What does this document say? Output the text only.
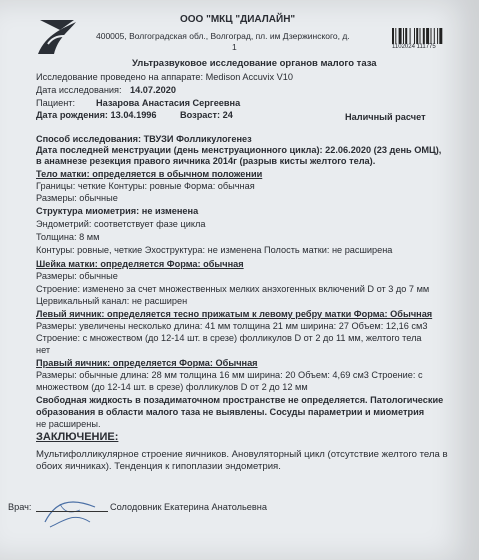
ООО "МКЦ "ДИАЛАЙН"
400005, Волгоградская обл., Волгоград, пл. им Дзержинского, д.
1	1102024 111775
Ультразвуковое исследование органов малого таза
Исследование проведено на аппарате: Medison Accuvix V10
Дата исследования: 14.07.2020
Пациент: Назарова Анастасия Сергеевна
Дата рождения: 13.04.1996	Возраст: 24	Наличный расчет
Способ исследования: ТВУЗИ Фолликулогенез
Дата последней менструации (день менструационного цикла): 22.06.2020 (23 день ОМЦ),
в анамнезе резекция правого яичника 2014г (разрыв кисты желтого тела).
Тело матки: определяется в обычном положении
Границы: четкие Контуры: ровные Форма: обычная
Размеры: обычные
Структура миометрия: не изменена
Эндометрий: соответствует фазе цикла
Толщина: 8 мм
Контуры: ровные, четкие Эхоструктура: не изменена Полость матки: не расширена
Шейка матки: определяется Форма: обычная
Размеры: обычные
Строение: изменено за счет множественных мелких анэхогенных включений D от 3 до 7 мм
Цервикальный канал: не расширен
Левый яичник: определяется тесно прижатым к левому ребру матки Форма: Обычная
Размеры: увеличены несколько длина: 41 мм толщина 21 мм ширина: 27 Объем: 12,16 см3
Строение: с множеством (до 12-14 шт. в срезе) фолликулов D от 2 до 11 мм, желтого тела
нет
Правый яичник: определяется Форма: Обычная
Размеры: обычные длина: 28 мм толщина 16 мм ширина: 20 Объем: 4,69 см3 Строение: с
множеством (до 12-14 шт. в срезе) фолликулов D от 2 до 12 мм
Свободная жидкость в позадиматочном пространстве не определяется. Патологические
образования в области малого таза не выявлены. Сосуды параметрии и миометрия
не расширены.
ЗАКЛЮЧЕНИЕ:
Мультифолликулярное строение яичников. Ановуляторный цикл (отсутствие желтого тела в
обоих яичниках). Тенденция к гипоплазии эндометрия.
Врач:	Солодовник Екатерина Анатольевна
